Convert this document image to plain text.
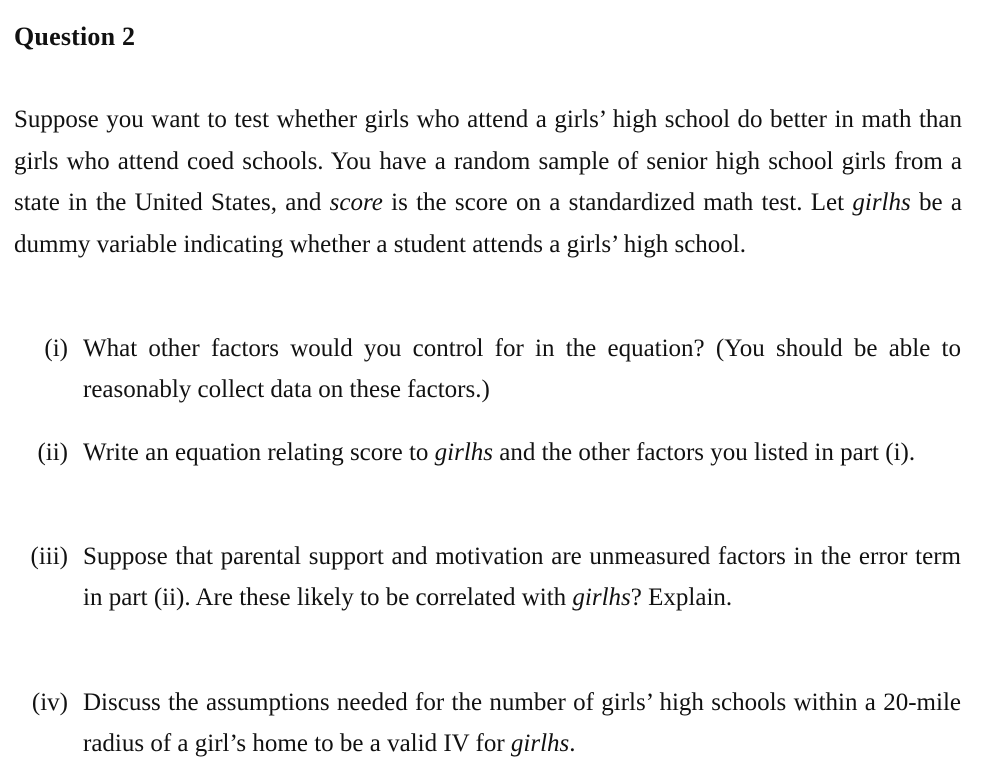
Question 2

Suppose you want to test whether girls who attend a girls’ high school do better in math than girls who attend coed schools. You have a random sample of senior high school girls from a state in the United States, and score is the score on a standardized math test. Let girlhs be a dummy variable indicating whether a student attends a girls’ high school.

(i) What other factors would you control for in the equation? (You should be able to reasonably collect data on these factors.)

(ii) Write an equation relating score to girlhs and the other factors you listed in part (i).

(iii) Suppose that parental support and motivation are unmeasured factors in the error term in part (ii). Are these likely to be correlated with girlhs? Explain.

(iv) Discuss the assumptions needed for the number of girls’ high schools within a 20-mile radius of a girl’s home to be a valid IV for girlhs.
